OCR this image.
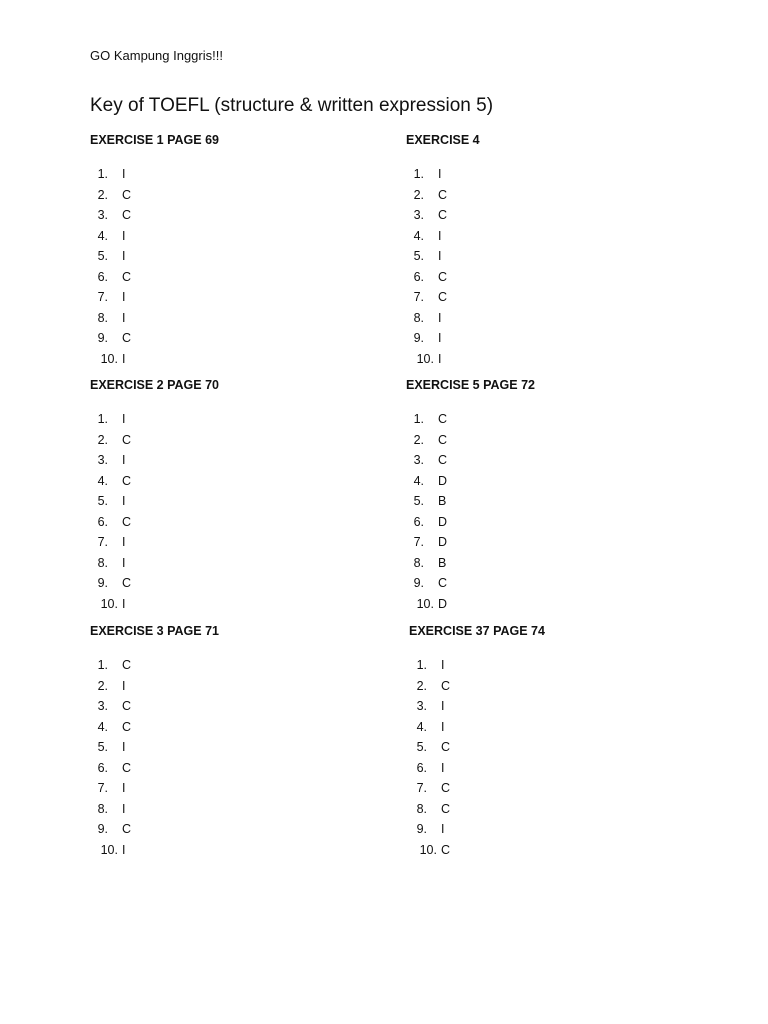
GO Kampung Inggris!!!
Key of TOEFL (structure & written expression 5)
EXERCISE 1 PAGE 69
1.	I
2.	C
3.	C
4.	I
5.	I
6.	C
7.	I
8.	I
9.	C
10. I
EXERCISE 4
1.	I
2.	C
3.	C
4.	I
5.	I
6.	C
7.	C
8.	I
9.	I
10. I
EXERCISE 2 PAGE 70
1.	I
2.	C
3.	I
4.	C
5.	I
6.	C
7.	I
8.	I
9.	C
10. I
EXERCISE 5 PAGE 72
1.	C
2.	C
3.	C
4.	D
5.	B
6.	D
7.	D
8.	B
9.	C
10. D
EXERCISE 3 PAGE 71
1.	C
2.	I
3.	C
4.	C
5.	I
6.	C
7.	I
8.	I
9.	C
10. I
EXERCISE 37 PAGE 74
1.	I
2.	C
3.	I
4.	I
5.	C
6.	I
7.	C
8.	C
9.	I
10. C
